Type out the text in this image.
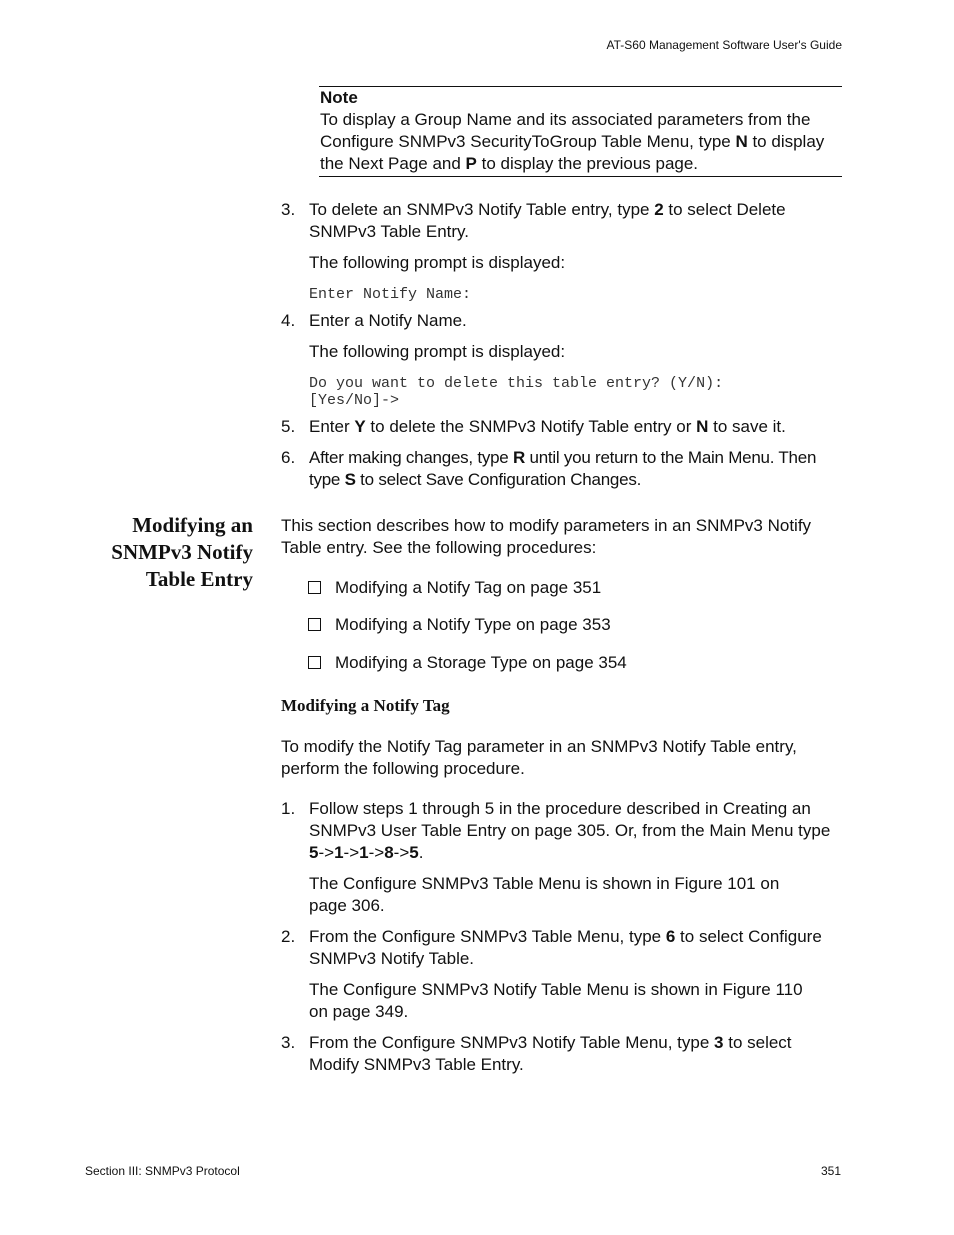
AT-S60 Management Software User's Guide
Note
To display a Group Name and its associated parameters from the Configure SNMPv3 SecurityToGroup Table Menu, type N to display the Next Page and P to display the previous page.
3. To delete an SNMPv3 Notify Table entry, type 2 to select Delete SNMPv3 Table Entry.
The following prompt is displayed:
Enter Notify Name:
4. Enter a Notify Name.
The following prompt is displayed:
Do you want to delete this table entry? (Y/N):
[Yes/No]->
5. Enter Y to delete the SNMPv3 Notify Table entry or N to save it.
6. After making changes, type R until you return to the Main Menu. Then type S to select Save Configuration Changes.
Modifying an
SNMPv3 Notify
Table Entry
This section describes how to modify parameters in an SNMPv3 Notify Table entry. See the following procedures:
Modifying a Notify Tag on page 351
Modifying a Notify Type on page 353
Modifying a Storage Type on page 354
Modifying a Notify Tag
To modify the Notify Tag parameter in an SNMPv3 Notify Table entry, perform the following procedure.
1. Follow steps 1 through 5 in the procedure described in Creating an SNMPv3 User Table Entry on page 305. Or, from the Main Menu type 5->1->1->8->5.
The Configure SNMPv3 Table Menu is shown in Figure 101 on page 306.
2. From the Configure SNMPv3 Table Menu, type 6 to select Configure SNMPv3 Notify Table.
The Configure SNMPv3 Notify Table Menu is shown in Figure 110 on page 349.
3. From the Configure SNMPv3 Notify Table Menu, type 3 to select Modify SNMPv3 Table Entry.
Section III: SNMPv3 Protocol	351
